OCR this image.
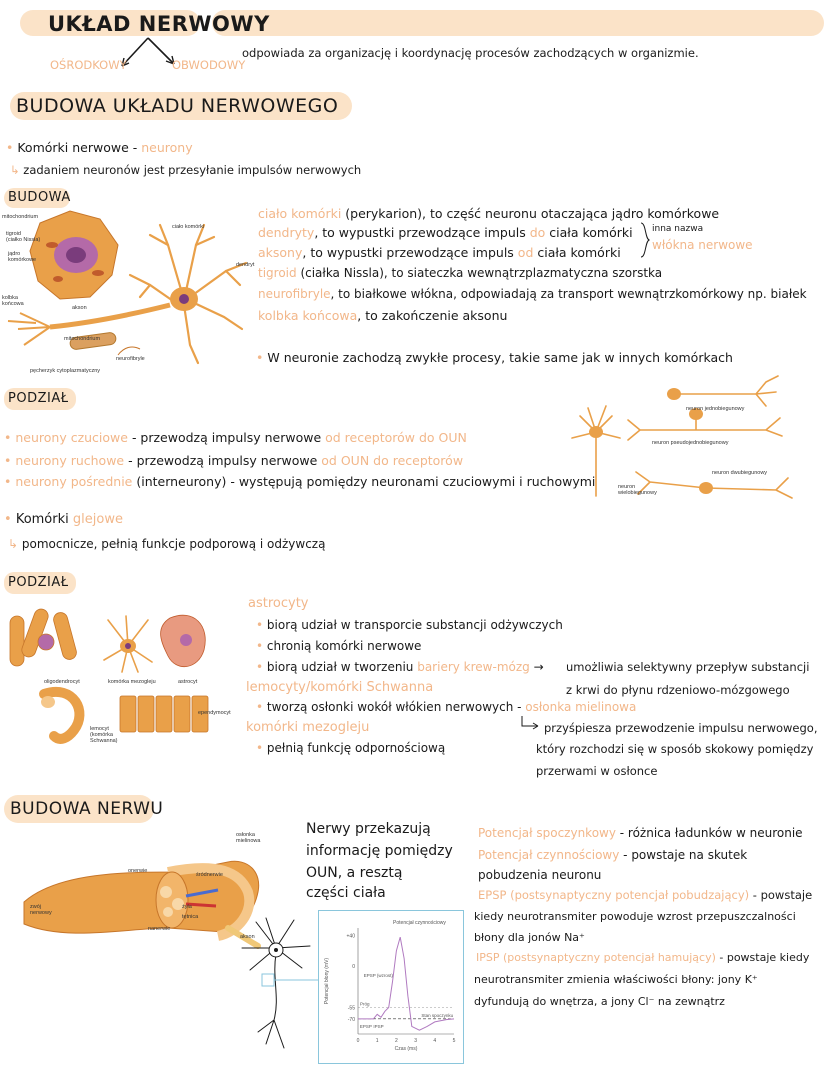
UKŁAD NERWOWY
OŚRODKOWY	OBWODOWY
odpowiada za organizację i koordynację procesów zachodzących w organizmie.
BUDOWA UKŁADU NERWOWEGO
• Komórki nerwowe - neurony
↳ zadaniem neuronów jest przesyłanie impulsów nerwowych
BUDOWA
mitochondrium
tigroid
(ciałko Nissla)
jądro
komórkowe
ciało komórki
dendryt
kolbka
końcowa
akson
mitochondrium
neurofibryle
pęcherzyk cytoplazmatyczny
ciało komórki (perykarion), to część neuronu otaczająca jądro komórkowe
dendryty, to wypustki przewodzące impuls do ciała komórki
aksony, to wypustki przewodzące impuls od ciała komórki
tigroid (ciałka Nissla), to siateczka wewnątrzplazmatyczna szorstka
neurofibryle, to białkowe włókna, odpowiadają za transport wewnątrzkomórkowy np. białek
kolbka końcowa, to zakończenie aksonu
inna nazwa
włókna nerwowe
• W neuronie zachodzą zwykłe procesy, takie same jak w innych komórkach
PODZIAŁ
• neurony czuciowe - przewodzą impulsy nerwowe od receptorów do OUN
• neurony ruchowe - przewodzą impulsy nerwowe od OUN do receptorów
• neurony pośrednie (interneurony) - występują pomiędzy neuronami czuciowymi i ruchowymi
neuron jednobiegunowy
neuron pseudojednobiegunowy
neuron dwubiegunowy
neuron
wielobiegunowy
• Komórki glejowe
↳ pomocnicze, pełnią funkcje podporową i odżywczą
PODZIAŁ
oligodendrocyt	komórka mezogleju	astrocyt
ependymocyt
lemocyt
(komórka
Schwanna)
astrocyty
• biorą udział w transporcie substancji odżywczych
• chronią komórki nerwowe
• biorą udział w tworzeniu bariery krew-mózg → umożliwia selektywny przepływ substancji
z krwi do płynu rdzeniowo-mózgowego
lemocyty/komórki Schwanna
• tworzą osłonki wokół włókien nerwowych - osłonka mielinowa
komórki mezogleju
• pełnią funkcję odpornościową
przyśpiesza przewodzenie impulsu nerwowego,
który rozchodzi się w sposób skokowy pomiędzy
przerwami w osłonce
BUDOWA NERWU
osłonka
mielinowa
onerwie
śródnerwie
zwój
nerwowy
żyła
tętnica
nanerwie
akson
Nerwy przekazują
informację pomiędzy
OUN, a resztą
części ciała
Potencjał spoczynkowy - różnica ładunków w neuronie
Potencjał czynnościowy - powstaje na skutek
pobudzenia neuronu
EPSP (postsynaptyczny potencjał pobudzający) - powstaje
kiedy neurotransmiter powoduje wzrost przepuszczalności
błony dla jonów Na⁺
IPSP (postsynaptyczny potencjał hamujący) - powstaje kiedy
neurotransmiter zmienia właściwości błony: jony K⁺
dyfundują do wnętrza, a jony Cl⁻ na zewnątrz
+40
0
-55
-70
0	1	2	3	4	5
Czas (ms)
Potencjał błony (mV)
Potencjał czynnościowy
EPSP (wzrost)
Próg
Stan spoczynku
EPSP IPSP
